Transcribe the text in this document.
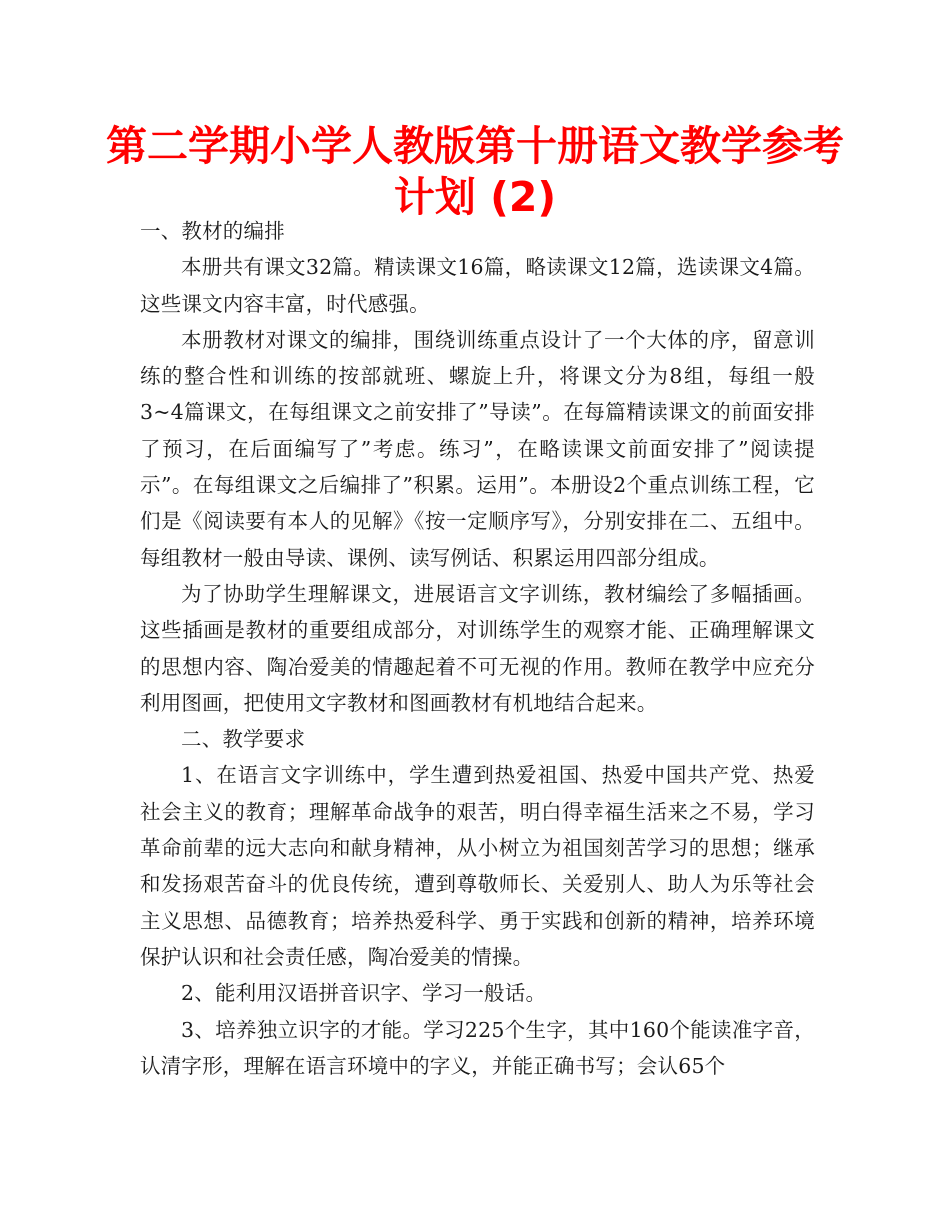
第二学期小学人教版第十册语文教学参考
计划 (2)

一、教材的编排

本册共有课文32篇。精读课文16篇，略读课文12篇，选读课文4篇。这些课文内容丰富，时代感强。

本册教材对课文的编排，围绕训练重点设计了一个大体的序，留意训练的整合性和训练的按部就班、螺旋上升，将课文分为8组，每组一般3~4篇课文，在每组课文之前安排了”导读”。在每篇精读课文的前面安排了预习，在后面编写了”考虑。练习”，在略读课文前面安排了”阅读提示”。在每组课文之后编排了”积累。运用”。本册设2个重点训练工程，它们是《阅读要有本人的见解》《按一定顺序写》，分别安排在二、五组中。每组教材一般由导读、课例、读写例话、积累运用四部分组成。

为了协助学生理解课文，进展语言文字训练，教材编绘了多幅插画。这些插画是教材的重要组成部分，对训练学生的观察才能、正确理解课文的思想内容、陶冶爱美的情趣起着不可无视的作用。教师在教学中应充分利用图画，把使用文字教材和图画教材有机地结合起来。

二、教学要求

1、在语言文字训练中，学生遭到热爱祖国、热爱中国共产党、热爱社会主义的教育；理解革命战争的艰苦，明白得幸福生活来之不易，学习革命前辈的远大志向和献身精神，从小树立为祖国刻苦学习的思想；继承和发扬艰苦奋斗的优良传统，遭到尊敬师长、关爱别人、助人为乐等社会主义思想、品德教育；培养热爱科学、勇于实践和创新的精神，培养环境保护认识和社会责任感，陶冶爱美的情操。

2、能利用汉语拼音识字、学习一般话。

3、培养独立识字的才能。学习225个生字，其中160个能读准字音，认清字形，理解在语言环境中的字义，并能正确书写；会认65个
